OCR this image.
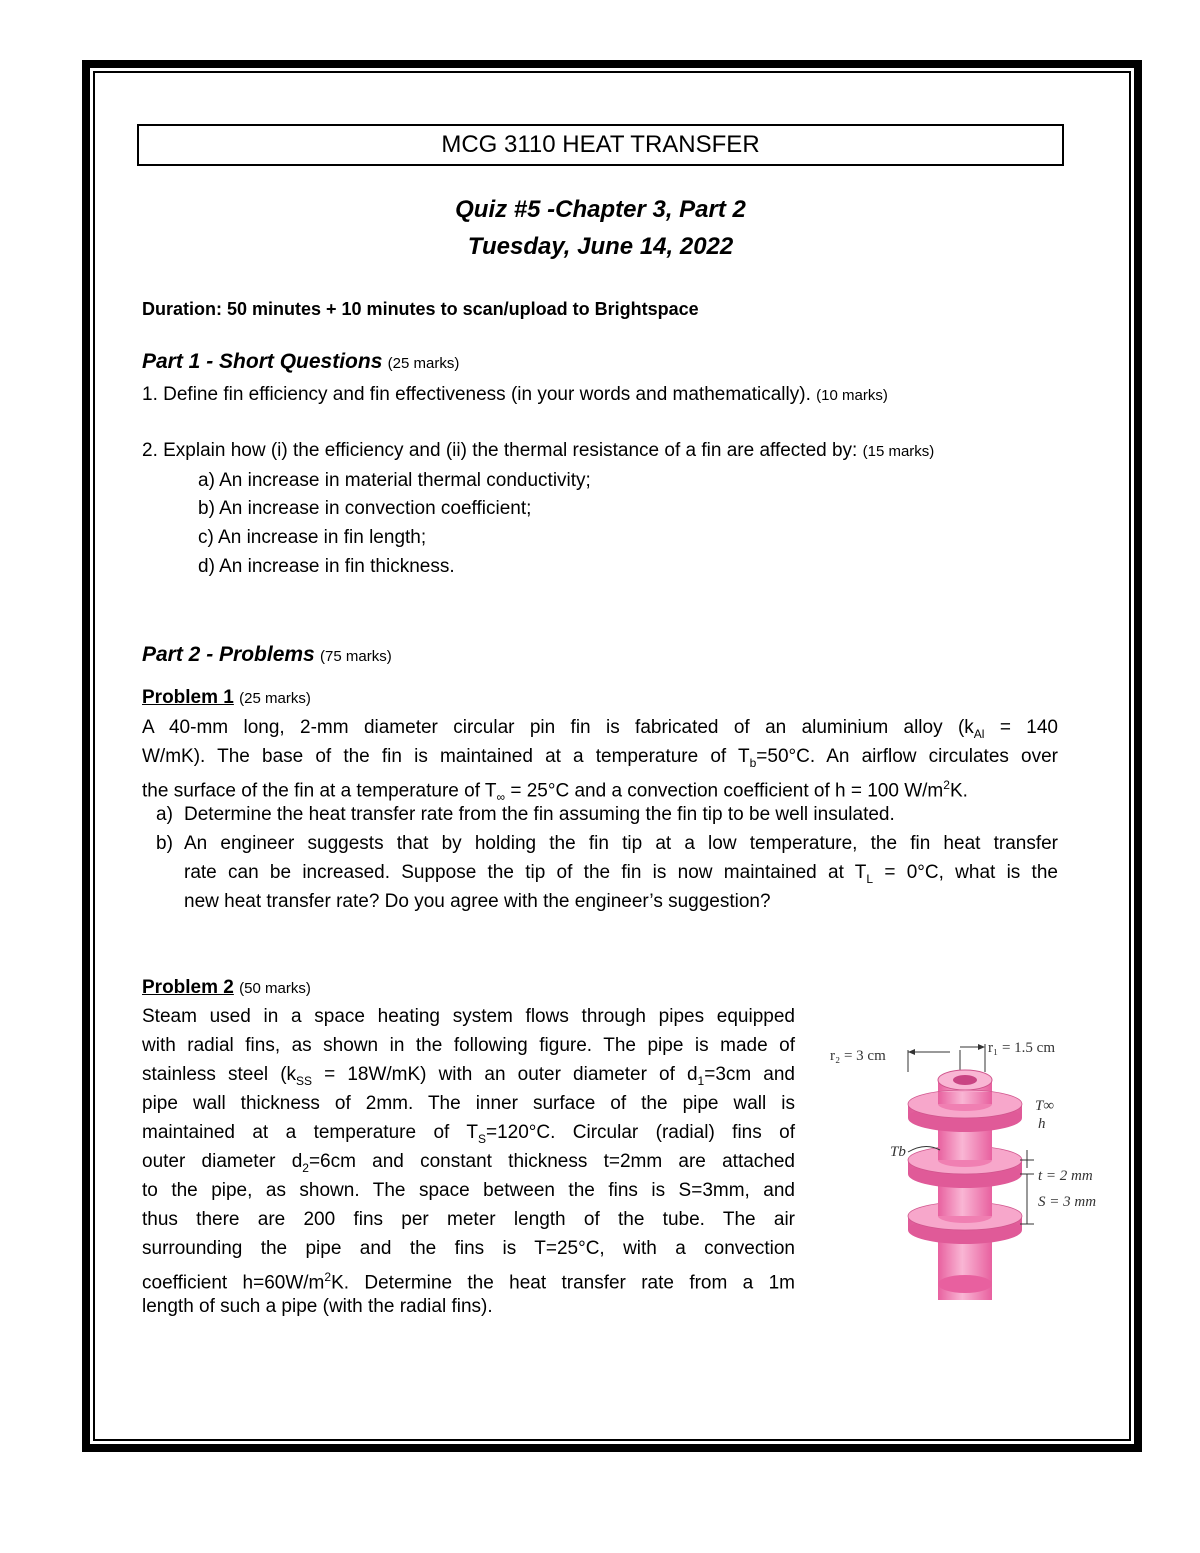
MCG 3110 HEAT TRANSFER
Quiz #5 -Chapter 3, Part 2
Tuesday, June 14, 2022
Duration: 50 minutes + 10 minutes to scan/upload to Brightspace
Part 1 - Short Questions (25 marks)
1. Define fin efficiency and fin effectiveness (in your words and mathematically). (10 marks)
2. Explain how (i) the efficiency and (ii) the thermal resistance of a fin are affected by: (15 marks)
a) An increase in material thermal conductivity;
b) An increase in convection coefficient;
c) An increase in fin length;
d) An increase in fin thickness.
Part 2 - Problems (75 marks)
Problem 1 (25 marks)
A 40-mm long, 2-mm diameter circular pin fin is fabricated of an aluminium alloy ($k_{Al} = 140$
W/mK). The base of the fin is maintained at a temperature of $T_b=50^\circ C$. An airflow circulates over
the surface of the fin at a temperature of $T_\infty = 25^\circ C$ and a convection coefficient of h = 100 $W/m^2K$.
a) Determine the heat transfer rate from the fin assuming the fin tip to be well insulated.
b) An engineer suggests that by holding the fin tip at a low temperature, the fin heat transfer
rate can be increased. Suppose the tip of the fin is now maintained at $T_L = 0^\circ C$, what is the
new heat transfer rate? Do you agree with the engineer’s suggestion?
Problem 2 (50 marks)
Steam used in a space heating system flows through pipes equipped
with radial fins, as shown in the following figure. The pipe is made of
stainless steel $(k_{SS} = 18W/mK)$ with an outer diameter of $d_1=3cm$ and
pipe wall thickness of 2mm. The inner surface of the pipe wall is
maintained at a temperature of $T_S=120^\circ C$. Circular (radial) fins of
outer diameter $d_2=6cm$ and constant thickness t=2mm are attached
to the pipe, as shown. The space between the fins is S=3mm, and
thus there are 200 fins per meter length of the tube. The air
surrounding the pipe and the fins is T=25°C, with a convection
coefficient $h=60W/m^2K$. Determine the heat transfer rate from a 1m
length of such a pipe (with the radial fins).
r₂ = 3 cm	r₁ = 1.5 cm
T∞
h
Tb
t = 2 mm
S = 3 mm
